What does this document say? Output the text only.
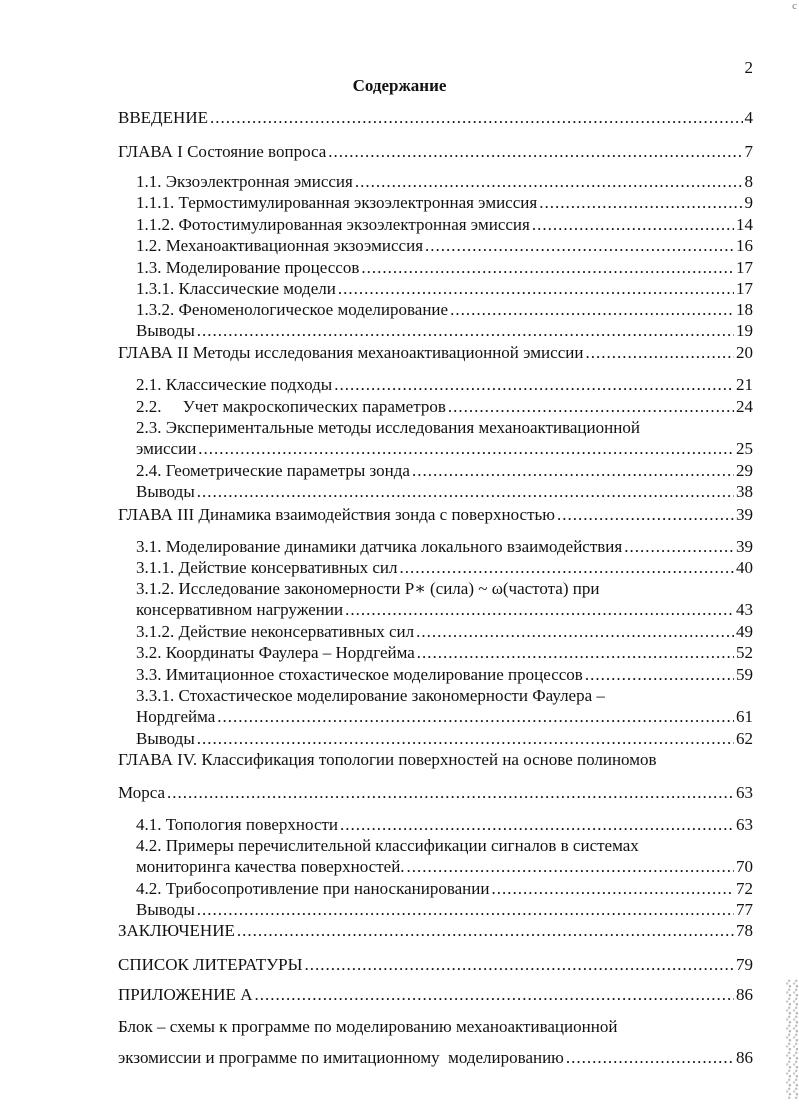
c
2
Содержание
ВВЕДЕНИЕ .....	4
ГЛАВА I Состояние вопроса .....	7
1.1. Экзоэлектронная эмиссия .....	8
1.1.1. Термостимулированная экзоэлектронная эмиссия .....	9
1.1.2. Фотостимулированная экзоэлектронная эмиссия .....	14
1.2. Механоактивационная экзоэмиссия .....	16
1.3. Моделирование процессов .....	17
1.3.1. Классические модели .....	17
1.3.2. Феноменологическое моделирование .....	18
Выводы .....	19
ГЛАВА II Методы исследования механоактивационной эмиссии .....	20
2.1. Классические подходы .....	21
2.2.     Учет макроскопических параметров .....	24
2.3. Экспериментальные методы исследования механоактивационной
эмиссии .....	25
2.4. Геометрические параметры зонда .....	29
Выводы .....	38
ГЛАВА III Динамика взаимодействия зонда с поверхностью .....	39
3.1. Моделирование динамики датчика локального взаимодействия .....	39
3.1.1. Действие консервативных сил .....	40
3.1.2. Исследование закономерности P∗ (сила) ~ ω(частота) при
консервативном нагружении .....	43
3.1.2. Действие неконсервативных сил .....	49
3.2. Координаты Фаулера – Нордгейма .....	52
3.3. Имитационное стохастическое моделирование процессов .....	59
3.3.1. Стохастическое моделирование закономерности Фаулера –
Нордгейма .....	61
Выводы .....	62
ГЛАВА IV. Классификация топологии поверхностей на основе полиномов
Морса .....	63
4.1. Топология поверхности .....	63
4.2. Примеры перечислительной классификации сигналов в системах
мониторинга качества поверхностей. .....	70
4.2. Трибосопротивление при наносканировании .....	72
Выводы .....	77
ЗАКЛЮЧЕНИЕ .....	78
СПИСОК ЛИТЕРАТУРЫ .....	79
ПРИЛОЖЕНИЕ А .....	86
Блок – схемы к программе по моделированию механоактивационной
экзомиссии и программе по имитационному  моделированию .....	86
